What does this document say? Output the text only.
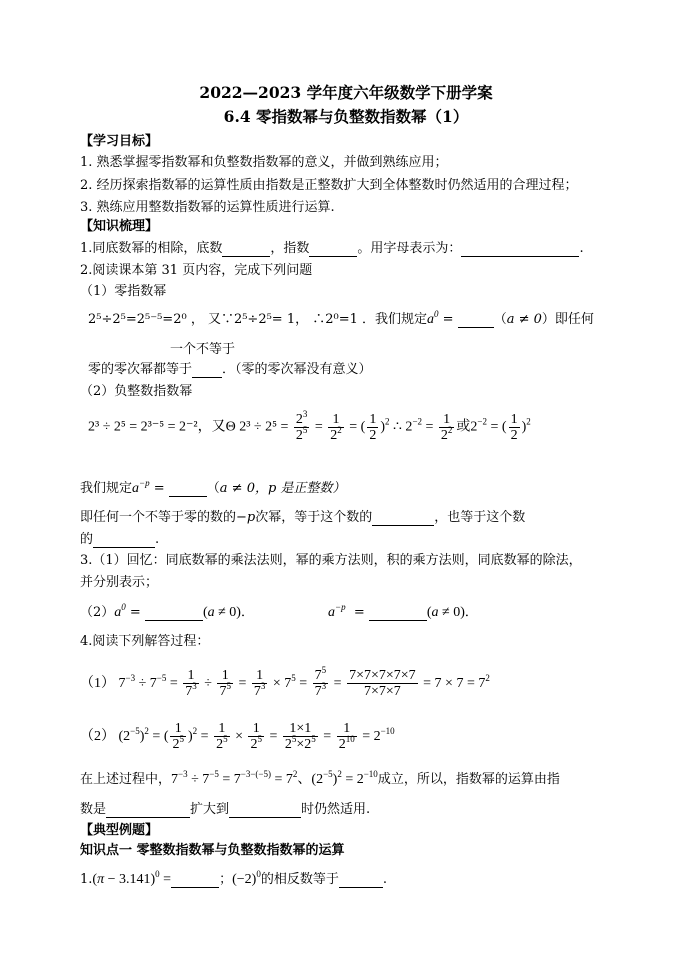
2022—2023 学年度六年级数学下册学案
6.4 零指数幂与负整数指数幂（1）
【学习目标】
1. 熟悉掌握零指数幂和负整数指数幂的意义，并做到熟练应用；
2. 经历探索指数幂的运算性质由指数是正整数扩大到全体整数时仍然适用的合理过程；
3. 熟练应用整数指数幂的运算性质进行运算.
【知识梳理】
1.同底数幂的相除，底数	，指数	。用字母表示为：	.
2.阅读课本第 31 页内容，完成下列问题
（1）零指数幂
2⁵÷2⁵=2⁵⁻⁵=2⁰ ， 又∵2⁵÷2⁵= 1， ∴2⁰=1 ．我们规定$a^0$ =	（a ≠ 0）即任何
一个不等于
零的零次幂都等于 ．（零的零次幂没有意义）
（2）负整数指数幂
2³ ÷ 2⁵ = 2³⁻⁵ = 2⁻²，又Θ $2^3 \div 2^5 = \frac{2^3}{2^5} = \frac{1}{2^2}$ = ( $\frac{1}{2} )^2$ ∴ $2^{-2} = \frac{1}{2^2}$ 或$2^{-2}$ = ( $\frac{1}{2} )^2$
我们规定$a^{-p}$ =	（a ≠ 0，p 是正整数）
即任何一个不等于零的数的−p次幂，等于这个数的	，也等于这个数
的	.
3.（1）回忆：同底数幂的乘法法则，幂的乘方法则，积的乘方法则，同底数幂的除法，
并分别表示；
$(2)a^0$ =	(a ≠ 0)．	$a^{-p}$  =	(a ≠ 0)．
4.阅读下列解答过程：
（1） $7^{-3} \div 7^{-5} = \frac{1}{7^3} \div \frac{1}{7^5} = \frac{1}{7^3} \times 7^5 = \frac{7^5}{7^3} = \frac{7\times 7\times 7\times 7\times 7}{7\times 7\times 7} = 7 \times 7 = 7^2$
（2） $(2^{-5})^2$ = ( $\frac{1}{2^5} )^2 = \frac{1}{2^5} \times \frac{1}{2^5} = \frac{1\times 1}{2^5\times 2^5} = \frac{1}{2^{10}} = 2^{-10}$
在上述过程中，$7^{-3} \div 7^{-5} = 7^{-3-(-5)} = 7^2$、$(2^{-5})^2 = 2^{-10}$成立，所以，指数幂的运算由指
数是	扩大到	时仍然适用.
【典型例题】
知识点一 零整数指数幂与负整数指数幂的运算
$1.(\pi - 3.141)^0$ =	；$(-2)^0$的相反数等于	.
